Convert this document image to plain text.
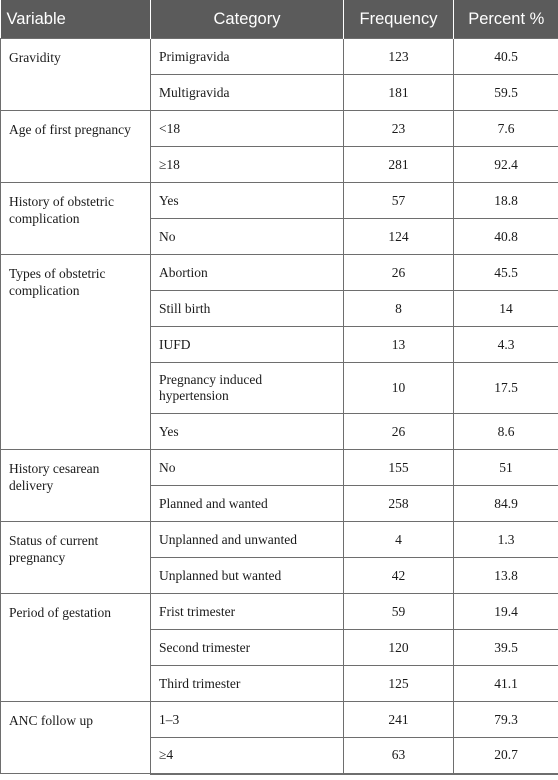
Variable	Category	Frequency	Percent %
Gravidity	Primigravida	123	40.5
	Multigravida	181	59.5
Age of first pregnancy	<18	23	7.6
	≥18	281	92.4
History of obstetric complication	Yes	57	18.8
	No	124	40.8
Types of obstetric complication	Abortion	26	45.5
	Still birth	8	14
	IUFD	13	4.3
	Pregnancy induced hypertension	10	17.5
	Yes	26	8.6
History cesarean delivery	No	155	51
	Planned and wanted	258	84.9
Status of current pregnancy	Unplanned and unwanted	4	1.3
	Unplanned but wanted	42	13.8
Period of gestation	Frist trimester	59	19.4
	Second trimester	120	39.5
	Third trimester	125	41.1
ANC follow up	1–3	241	79.3
	≥4	63	20.7
